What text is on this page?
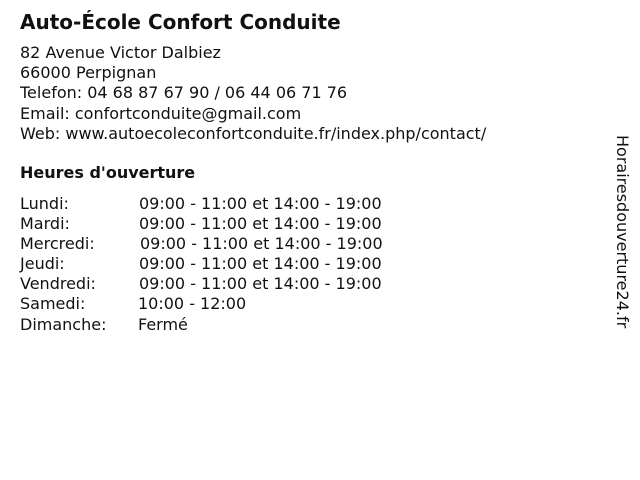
Auto-École Confort Conduite
82 Avenue Victor Dalbiez
66000 Perpignan
Telefon: 04 68 87 67 90 / 06 44 06 71 76
Email: confortconduite@gmail.com
Web: www.autoecoleconfortconduite.fr/index.php/contact/
Heures d'ouverture
Lundi:	09:00 - 11:00 et 14:00 - 19:00
Mardi:	09:00 - 11:00 et 14:00 - 19:00
Mercredi:	09:00 - 11:00 et 14:00 - 19:00
Jeudi:	09:00 - 11:00 et 14:00 - 19:00
Vendredi:	09:00 - 11:00 et 14:00 - 19:00
Samedi:	10:00 - 12:00
Dimanche: Fermé	Horairesdouverture24.fr
